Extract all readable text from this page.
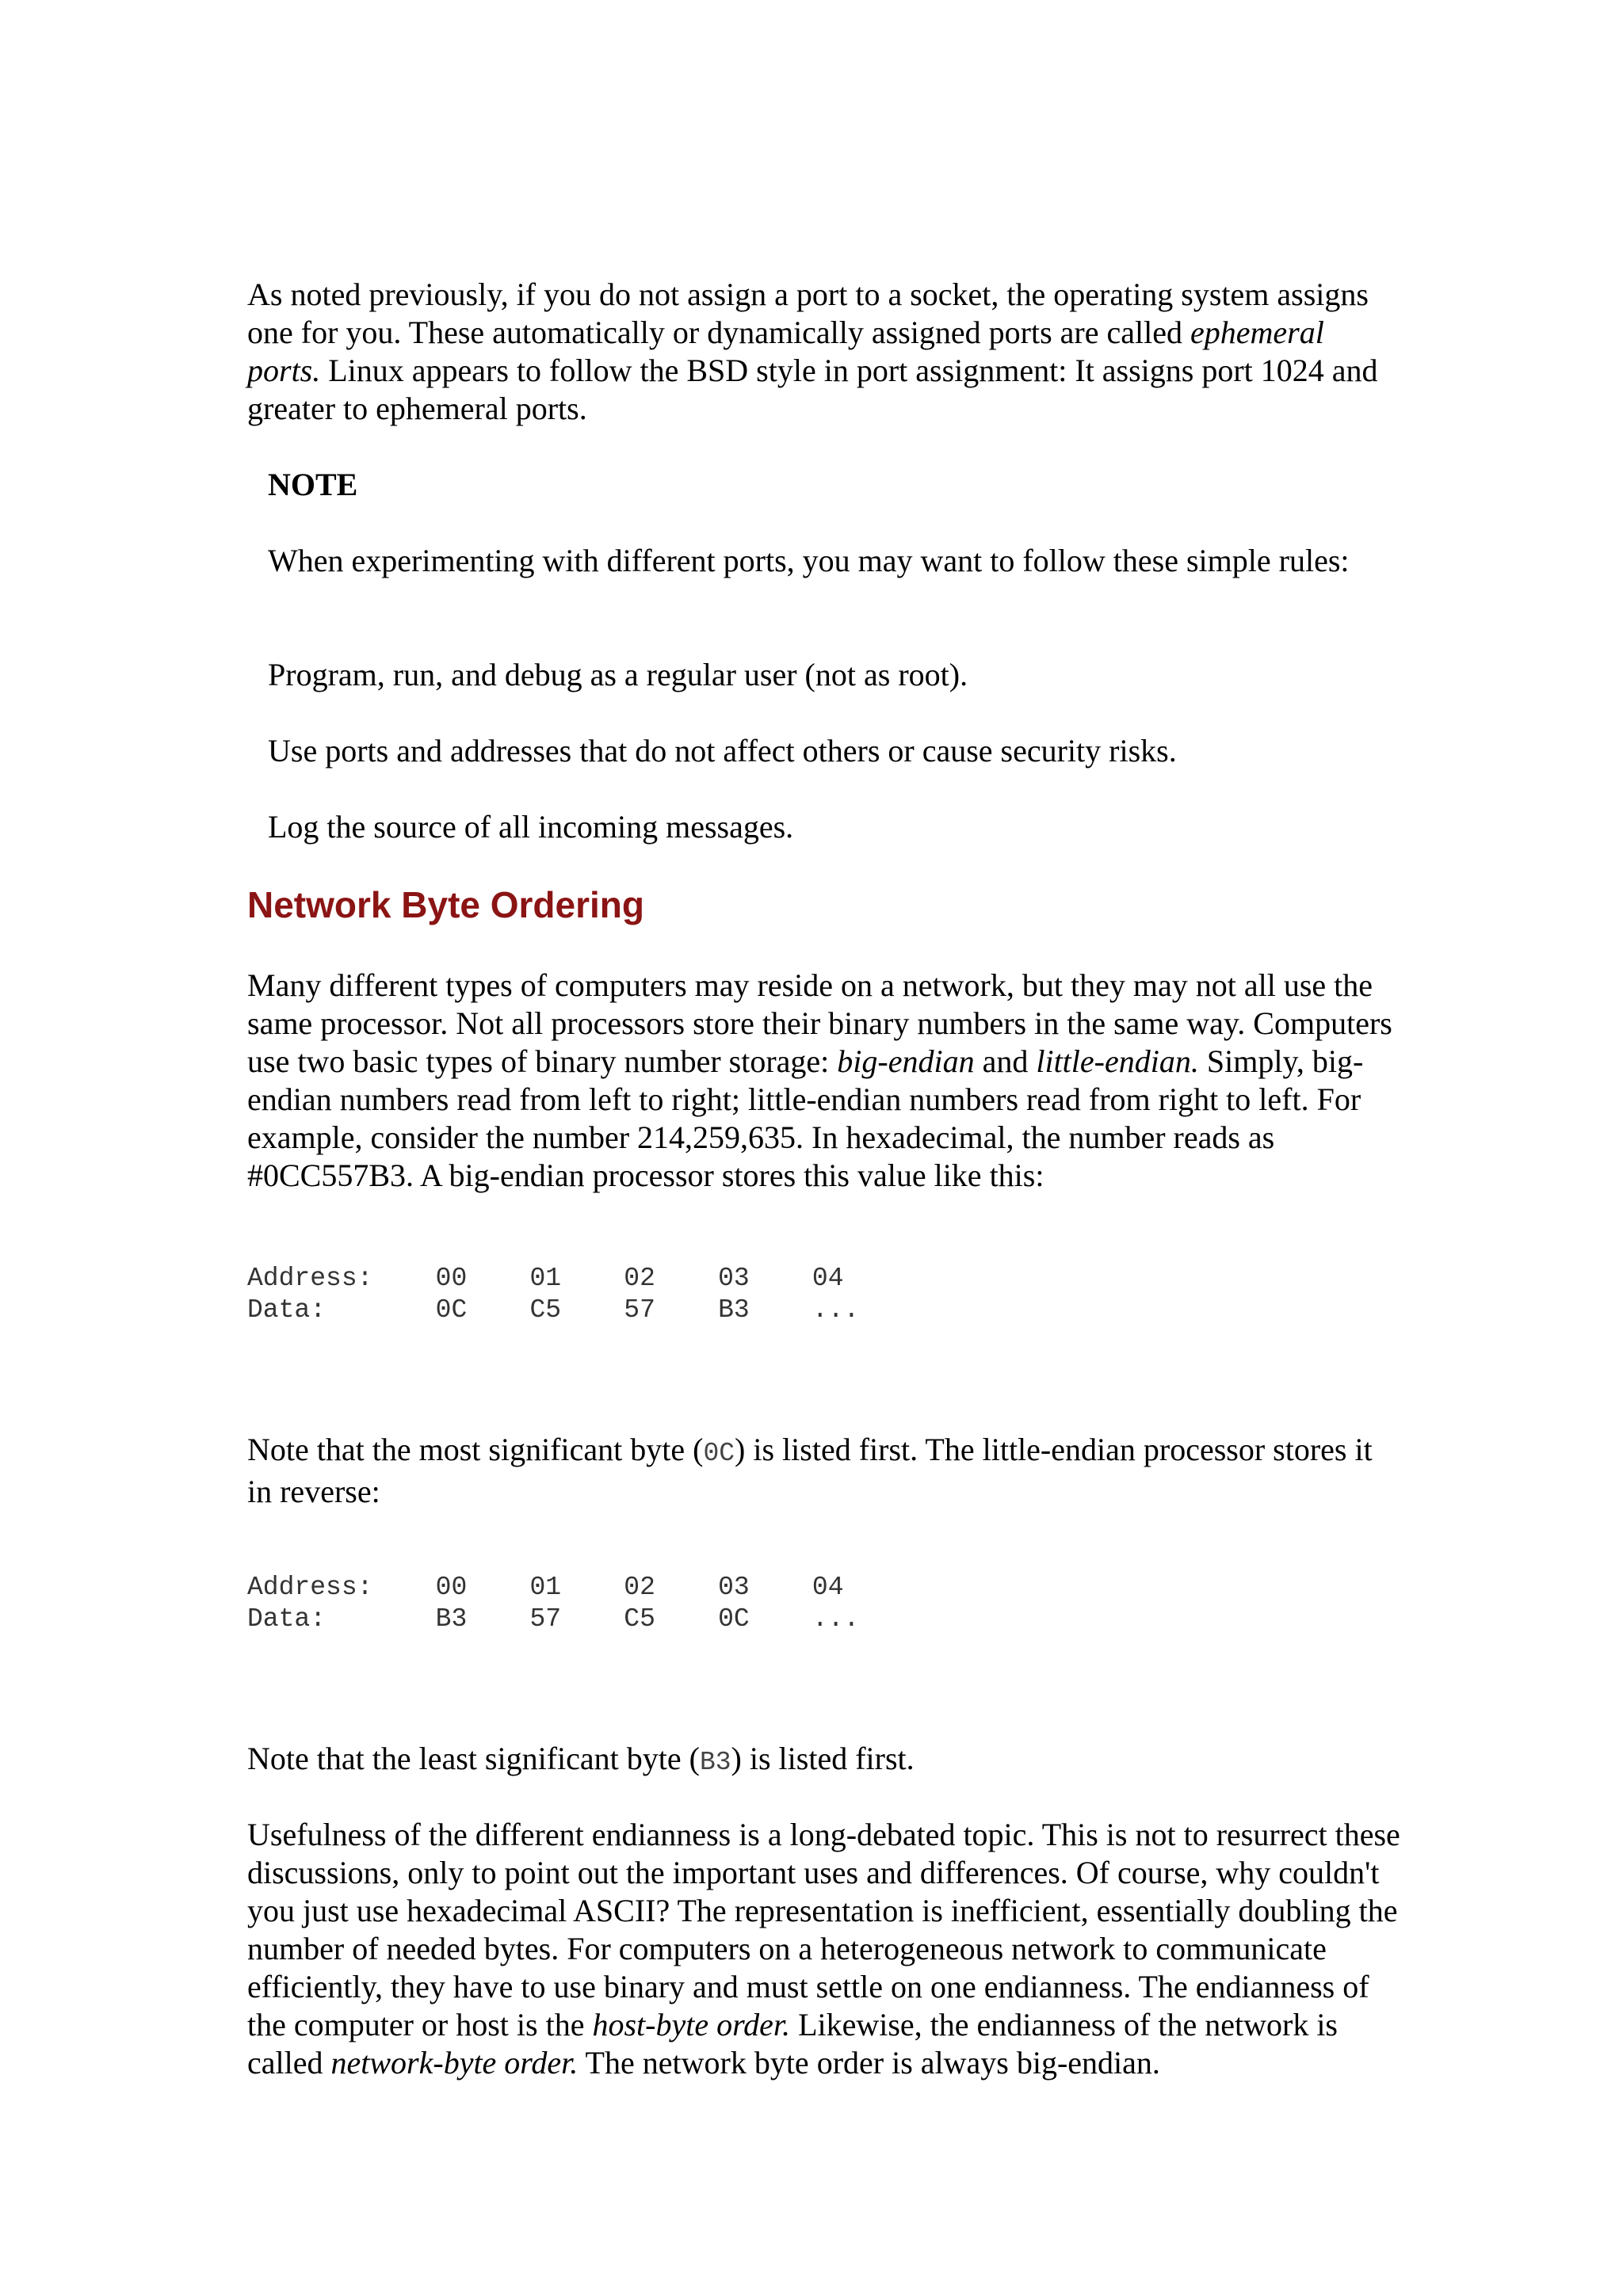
As noted previously, if you do not assign a port to a socket, the operating system assigns one for you. These automatically or dynamically assigned ports are called ephemeral ports. Linux appears to follow the BSD style in port assignment: It assigns port 1024 and greater to ephemeral ports.

NOTE

When experimenting with different ports, you may want to follow these simple rules:

Program, run, and debug as a regular user (not as root).

Use ports and addresses that do not affect others or cause security risks.

Log the source of all incoming messages.

Network Byte Ordering

Many different types of computers may reside on a network, but they may not all use the same processor. Not all processors store their binary numbers in the same way. Computers use two basic types of binary number storage: big-endian and little-endian. Simply, big-endian numbers read from left to right; little-endian numbers read from right to left. For example, consider the number 214,259,635. In hexadecimal, the number reads as #0CC557B3. A big-endian processor stores this value like this:

Address:    00    01    02    03    04
Data:       0C    C5    57    B3    ...

Note that the most significant byte (0C) is listed first. The little-endian processor stores it in reverse:

Address:    00    01    02    03    04
Data:       B3    57    C5    0C    ...

Note that the least significant byte (B3) is listed first.

Usefulness of the different endianness is a long-debated topic. This is not to resurrect these discussions, only to point out the important uses and differences. Of course, why couldn't you just use hexadecimal ASCII? The representation is inefficient, essentially doubling the number of needed bytes. For computers on a heterogeneous network to communicate efficiently, they have to use binary and must settle on one endianness. The endianness of the computer or host is the host-byte order. Likewise, the endianness of the network is called network-byte order. The network byte order is always big-endian.
